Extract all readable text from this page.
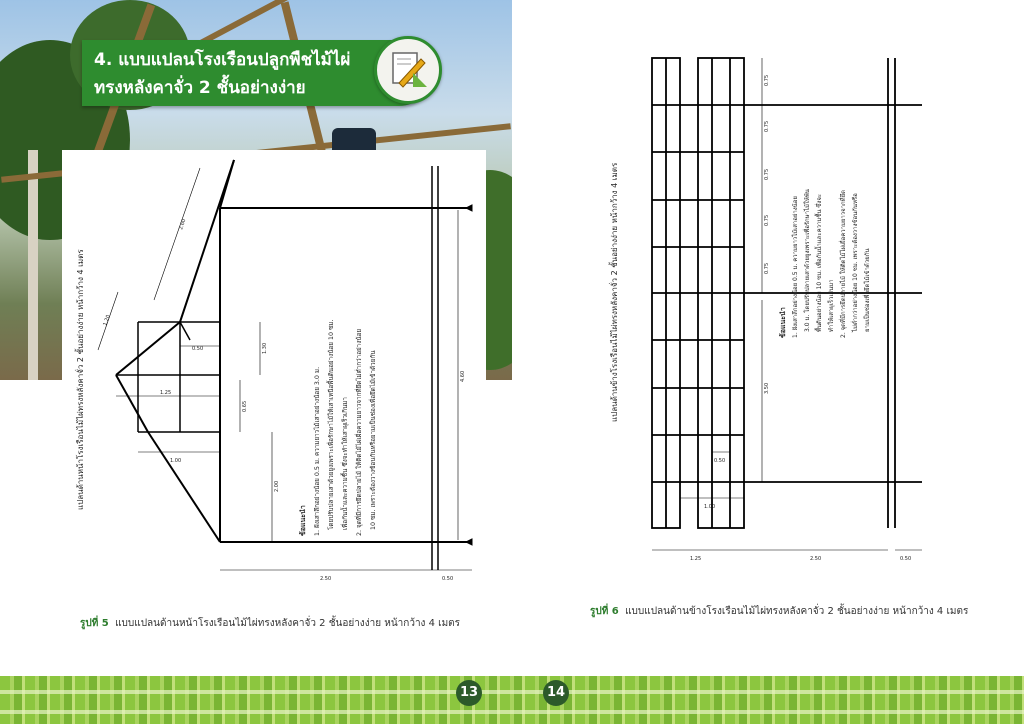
4. แบบแปลนโรงเรือนปลูกพืชไม้ไผ่
ทรงหลังคาจั่ว 2 ชั้นอย่างง่าย
2.60
1.20
0.50	1.30
1.25
0.65
1.00
2.00
4.60
2.50	0.50
แปลนด้านหน้าโรงเรือนไม้ไผ่ทรงหลังคาจั่ว 2 ชั้นอย่างง่าย หน้ากว้าง 4 เมตร
ข้อแนะนำ	1. ฝังเสาลึกอย่างน้อย 0.5 ม. ความยาวไม้เสาอย่างน้อย 3.0 ม.	โดยปรับปลายเสาด้วยยูงเพราะเพื่อรักษาไม้ให้เสาเหนือพื้นดินอย่างน้อย 10 ซม.	เพื่อกันน้ำและความชื้น ซึ่งจะทำให้เสาผุเร็วเกินมา	2. จุดที่มีการยึดปลายไม้ ให้ติดไม้ไผ่เผื่อความยาวจากที่ยึดไม่ต่ำกว่าอย่างน้อย	10 ซม. เพราะต้องวางซ้อนกันหรือยามเป็นช่องเพื่อยึดไม้เข้าด้วยกัน
รูปที่ 5 แบบแปลนด้านหน้าโรงเรือนไม้ไผ่ทรงหลังคาจั่ว 2 ชั้นอย่างง่าย หน้ากว้าง 4 เมตร
0.75
0.75
0.75
0.75
0.75
3.50
0.50
1.00
1.25	2.50	0.50
แปลนด้านข้างโรงเรือนไม้ไผ่ทรงหลังคาจั่ว 2 ชั้นอย่างง่าย หน้ากว้าง 4 เมตร	ข้อแนะนำ 1. ฝังเสาลึกอย่างน้อย 0.5 ม. ความยาวไม้เสาอย่างน้อย 3.0 ม. โดยปรับปลายเสาด้วยยูงเพราะเพื่อรักษาไม้ให้พ้น พื้นดินอย่างน้อย 10 ซม. เพื่อกันน้ำและความชื้น ซึ่งจะ ทำให้เสาผุเร็วเกินมา 2. จุดที่มีการยึดปลายไม้ ให้ติดไม้ไผ่เผื่อความยาวจากที่ยึด ไม่ต่ำกว่าอย่างน้อย 10 ซม. เพราะต้องวางซ้อนกันหรือ ยามเป็นช่องเพื่อยึดไม้เข้าด้วยกัน
รูปที่ 6 แบบแปลนด้านข้างโรงเรือนไม้ไผ่ทรงหลังคาจั่ว 2 ชั้นอย่างง่าย หน้ากว้าง 4 เมตร
13	14
